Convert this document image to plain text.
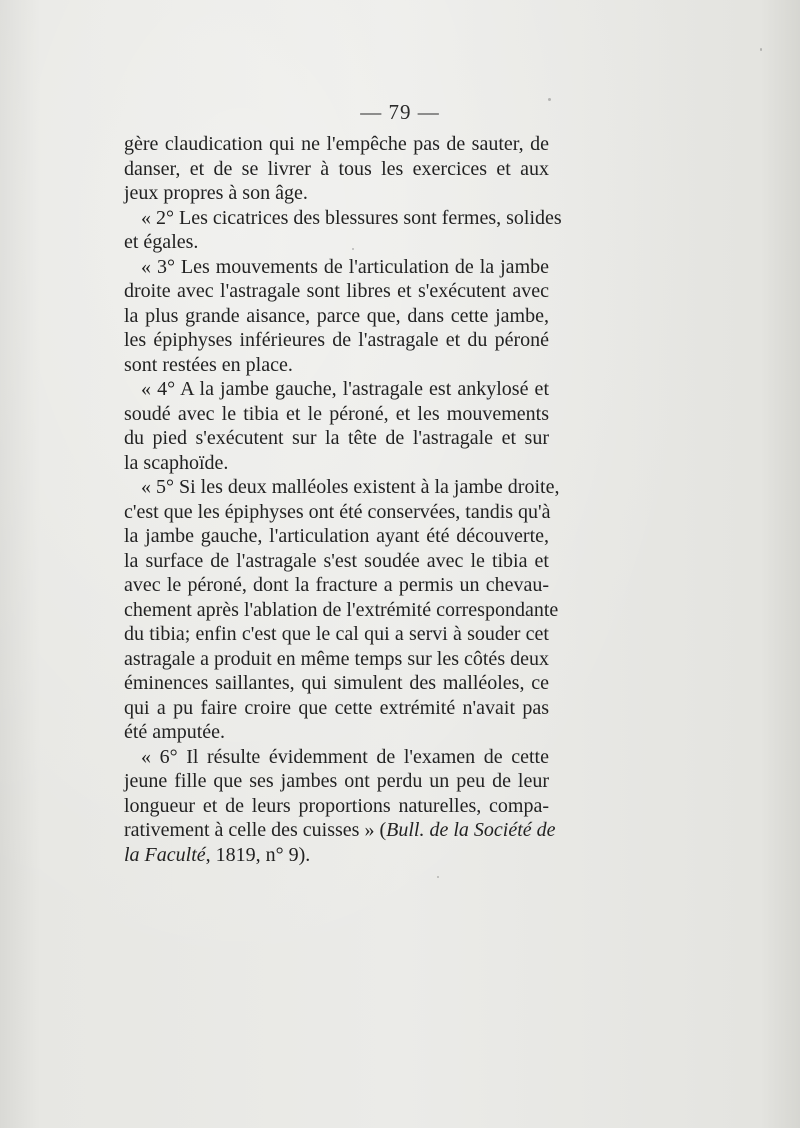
— 79 —
gère claudication qui ne l'empêche pas de sauter, de
danser, et de se livrer à tous les exercices et aux
jeux propres à son âge.
« 2° Les cicatrices des blessures sont fermes, solides
et égales.
« 3° Les mouvements de l'articulation de la jambe
droite avec l'astragale sont libres et s'exécutent avec
la plus grande aisance, parce que, dans cette jambe,
les épiphyses inférieures de l'astragale et du péroné
sont restées en place.
« 4° A la jambe gauche, l'astragale est ankylosé et
soudé avec le tibia et le péroné, et les mouvements
du pied s'exécutent sur la tête de l'astragale et sur
la scaphoïde.
« 5° Si les deux malléoles existent à la jambe droite,
c'est que les épiphyses ont été conservées, tandis qu'à
la jambe gauche, l'articulation ayant été découverte,
la surface de l'astragale s'est soudée avec le tibia et
avec le péroné, dont la fracture a permis un chevau-
chement après l'ablation de l'extrémité correspondante
du tibia; enfin c'est que le cal qui a servi à souder cet
astragale a produit en même temps sur les côtés deux
éminences saillantes, qui simulent des malléoles, ce
qui a pu faire croire que cette extrémité n'avait pas
été amputée.
« 6° Il résulte évidemment de l'examen de cette
jeune fille que ses jambes ont perdu un peu de leur
longueur et de leurs proportions naturelles, compa-
rativement à celle des cuisses » (Bull. de la Société de
la Faculté, 1819, n° 9).
